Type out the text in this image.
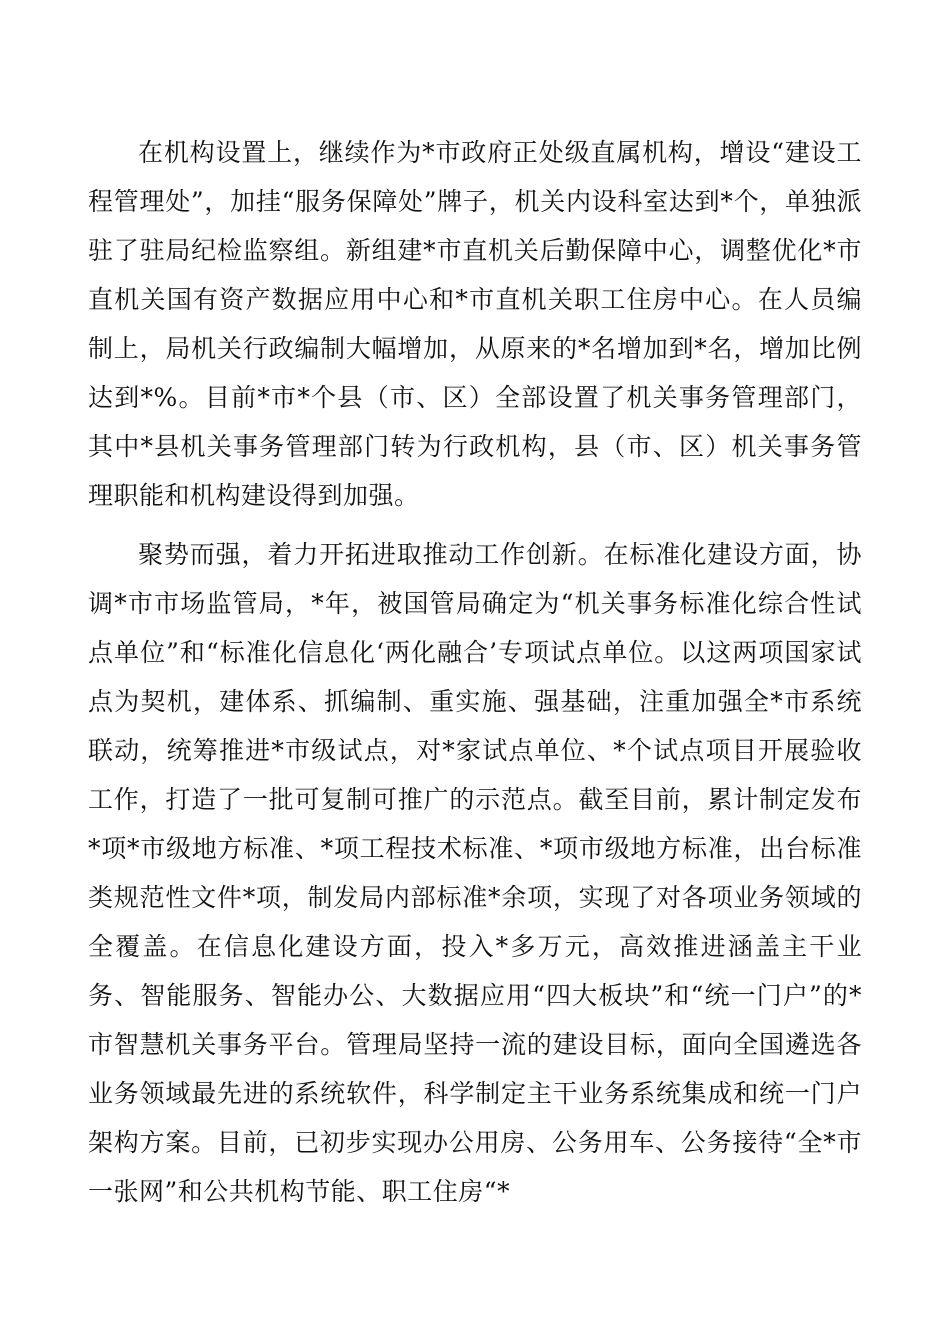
在机构设置上，继续作为*市政府正处级直属机构，增设“建设工程管理处”，加挂“服务保障处”牌子，机关内设科室达到*个，单独派驻了驻局纪检监察组。新组建*市直机关后勤保障中心，调整优化*市直机关国有资产数据应用中心和*市直机关职工住房中心。在人员编制上，局机关行政编制大幅增加，从原来的*名增加到*名，增加比例达到*%。目前*市*个县（市、区）全部设置了机关事务管理部门，其中*县机关事务管理部门转为行政机构，县（市、区）机关事务管理职能和机构建设得到加强。

聚势而强，着力开拓进取推动工作创新。在标准化建设方面，协调*市市场监管局，*年，被国管局确定为“机关事务标准化综合性试点单位”和“标准化信息化‘两化融合’专项试点单位。以这两项国家试点为契机，建体系、抓编制、重实施、强基础，注重加强全*市系统联动，统筹推进*市级试点，对*家试点单位、*个试点项目开展验收工作，打造了一批可复制可推广的示范点。截至目前，累计制定发布*项*市级地方标准、*项工程技术标准、*项市级地方标准，出台标准类规范性文件*项，制发局内部标准*余项，实现了对各项业务领域的全覆盖。在信息化建设方面，投入*多万元，高效推进涵盖主干业务、智能服务、智能办公、大数据应用“四大板块”和“统一门户”的*市智慧机关事务平台。管理局坚持一流的建设目标，面向全国遴选各业务领域最先进的系统软件，科学制定主干业务系统集成和统一门户架构方案。目前，已初步实现办公用房、公务用车、公务接待“全*市一张网”和公共机构节能、职工住房“*
